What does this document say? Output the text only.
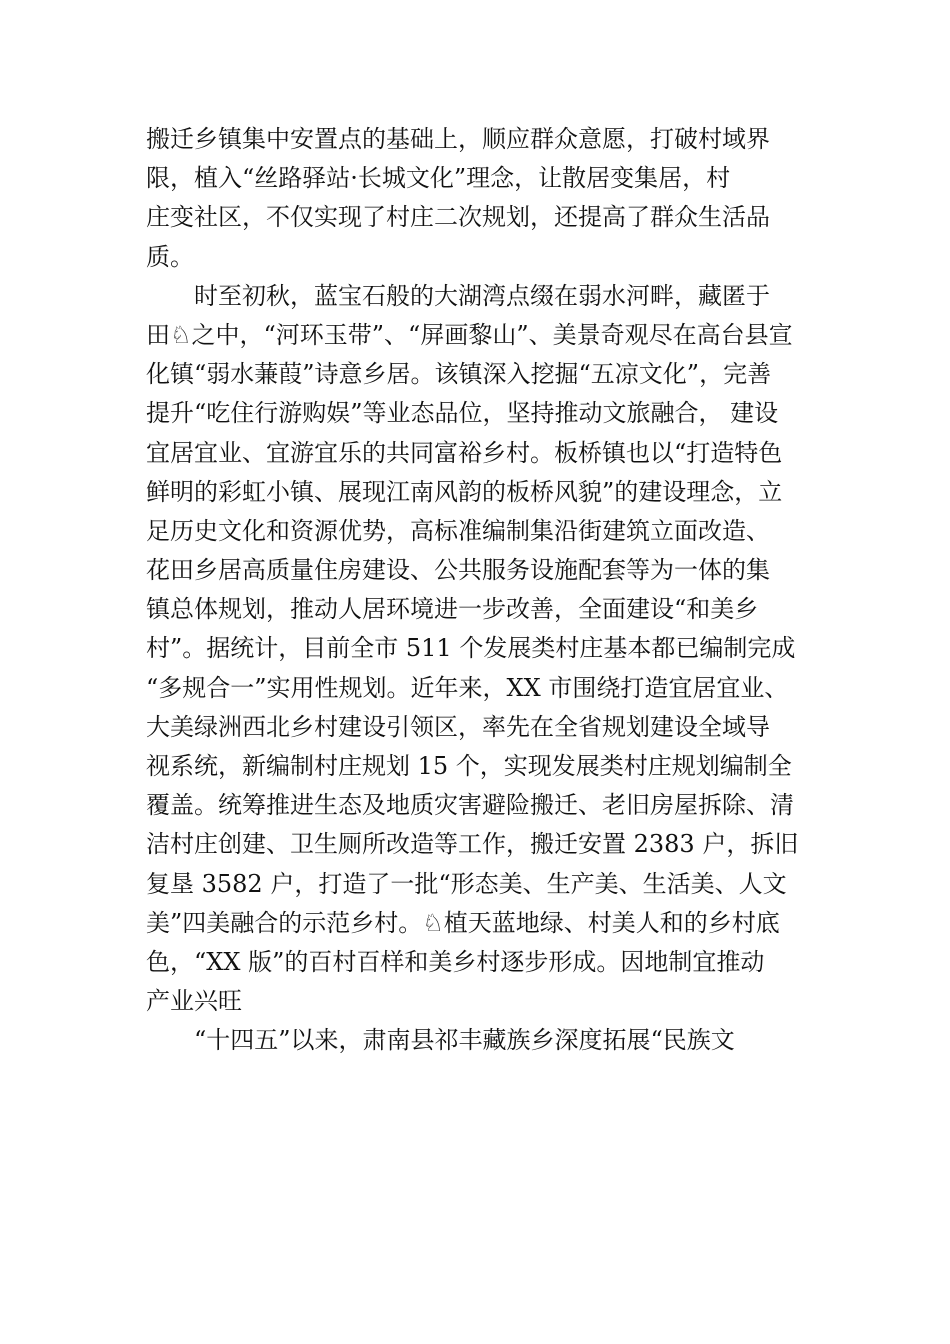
搬迁乡镇集中安置点的基础上，顺应群众意愿，打破村域界
限，植入“丝路驿站·长城文化”理念，让散居变集居，村
庄变社区，不仅实现了村庄二次规划，还提高了群众生活品
质。
时至初秋，蓝宝石般的大湖湾点缀在弱水河畔，藏匿于
田♘之中，“河环玉带”、“屏画黎山”、美景奇观尽在高台县宣
化镇“弱水蒹葭”诗意乡居。该镇深入挖掘“五凉文化”，完善
提升“吃住行游购娱”等业态品位，坚持推动文旅融合， 建设
宜居宜业、宜游宜乐的共同富裕乡村。板桥镇也以“打造特色
鲜明的彩虹小镇、展现江南风韵的板桥风貌”的建设理念，立
足历史文化和资源优势，高标准编制集沿街建筑立面改造、
花田乡居高质量住房建设、公共服务设施配套等为一体的集
镇总体规划，推动人居环境进一步改善，全面建设“和美乡
村”。据统计，目前全市 511 个发展类村庄基本都已编制完成
“多规合一”实用性规划。近年来，XX 市围绕打造宜居宜业、
大美绿洲西北乡村建设引领区，率先在全省规划建设全域导
视系统，新编制村庄规划 15 个，实现发展类村庄规划编制全
覆盖。统筹推进生态及地质灾害避险搬迁、老旧房屋拆除、清
洁村庄创建、卫生厕所改造等工作，搬迁安置 2383 户，拆旧
复垦 3582 户，打造了一批“形态美、生产美、生活美、人文
美”四美融合的示范乡村。♘植天蓝地绿、村美人和的乡村底
色，“XX 版”的百村百样和美乡村逐步形成。因地制宜推动
产业兴旺
“十四五”以来，肃南县祁丰藏族乡深度拓展“民族文
